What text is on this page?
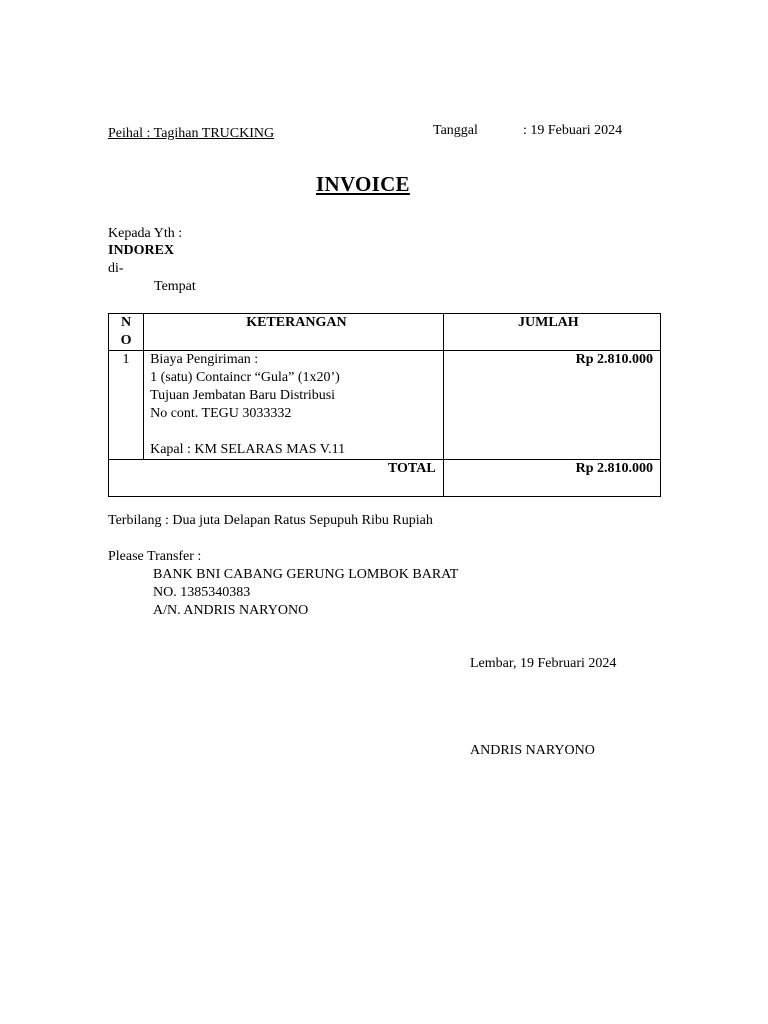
Peihal : Tagihan TRUCKING	Tanggal	: 19 Febuari 2024
INVOICE
Kepada Yth :
INDOREX
di-
Tempat
N
O	KETERANGAN	JUMLAH
1	Biaya Pengiriman :
1 (satu) Containcr “Gula” (1x20’)
Tujuan Jembatan Baru Distribusi
No cont. TEGU 3033332
Kapal : KM SELARAS MAS V.11	Rp 2.810.000
TOTAL		Rp 2.810.000
Terbilang : Dua juta Delapan Ratus Sepupuh Ribu Rupiah
Please Transfer :
BANK BNI CABANG GERUNG LOMBOK BARAT
NO. 1385340383
A/N. ANDRIS NARYONO
Lembar, 19 Februari 2024
ANDRIS NARYONO
